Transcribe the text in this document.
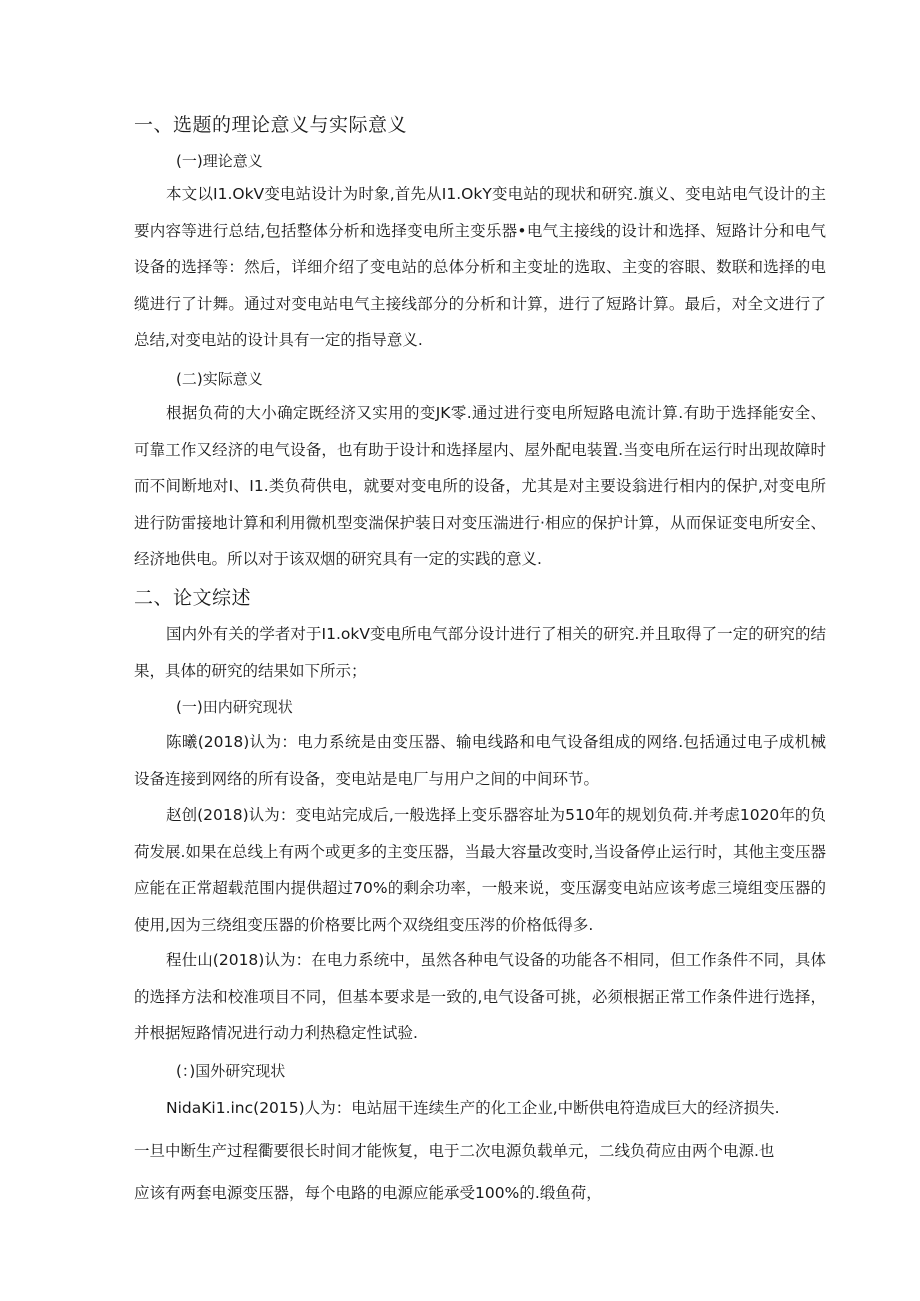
一、选题的理论意义与实际意义
(一)理论意义

本文以I1.OkV变电站设计为时象,首先从I1.OkY变电站的现状和研究.旗义、变电站电气设计的主要内容等进行总结,包括整体分析和选择变电所主变乐器•电气主接线的设计和选择、短路计分和电气设备的选择等：然后，详细介绍了变电站的总体分析和主变址的选取、主变的容眼、数联和选择的电缆进行了计舞。通过对变电站电气主接线部分的分析和计算，进行了短路计算。最后，对全文进行了总结,对变电站的设计具有一定的指导意义.

(二)实际意义

根据负荷的大小确定既经济又实用的变JK零.通过进行变电所短路电流计算.有助于选择能安全、可靠工作又经济的电气设备，也有助于设计和选择屋内、屋外配电装置.当变电所在运行时出现故障时而不间断地对I、I1.类负荷供电，就要对变电所的设备，尤其是对主要设翁进行相内的保护,对变电所进行防雷接地计算和利用微机型变湍保护装日对变压湍进行·相应的保护计算，从而保证变电所安全、经济地供电。所以对于该双烟的研究具有一定的实践的意义.

二、论文综述

国内外有关的学者对于I1.okV变电所电气部分设计进行了相关的研究.并且取得了一定的研究的结果，具体的研究的结果如下所示；

(一)田内研究现状

陈曦(2018)认为：电力系统是由变压器、输电线路和电气设备组成的网络.包括通过电子成机械设备连接到网络的所有设备，变电站是电厂与用户之间的中间环节。

赵创(2018)认为：变电站完成后,一般选择上变乐器容址为510年的规划负荷.并考虑1020年的负荷发展.如果在总线上有两个或更多的主变压器，当最大容量改变时,当设备停止运行时，其他主变压器应能在正常超载范围内提供超过70%的剩余功率，一般来说，变压潺变电站应该考虑三境组变压器的使用,因为三绕组变压器的价格要比两个双绕组变压涔的价格低得多.

程仕山(2018)认为：在电力系统中，虽然各种电气设备的功能各不相同，但工作条件不同，具体的选择方法和校准项目不同，但基本要求是一致的,电气设备可挑，必须根据正常工作条件进行选择，并根据短路情况进行动力利热稳定性试验.

(：)国外研究现状

NidaKi1.inc(2015)人为：电站屈干连续生产的化工企业,中断供电符造成巨大的经济损失.

一旦中断生产过程衢要很长时间才能恢复，电于二次电源负载单元，二线负荷应由两个电源.也

应该有两套电源变压器，每个电路的电源应能承受100%的.缎鱼荷，
